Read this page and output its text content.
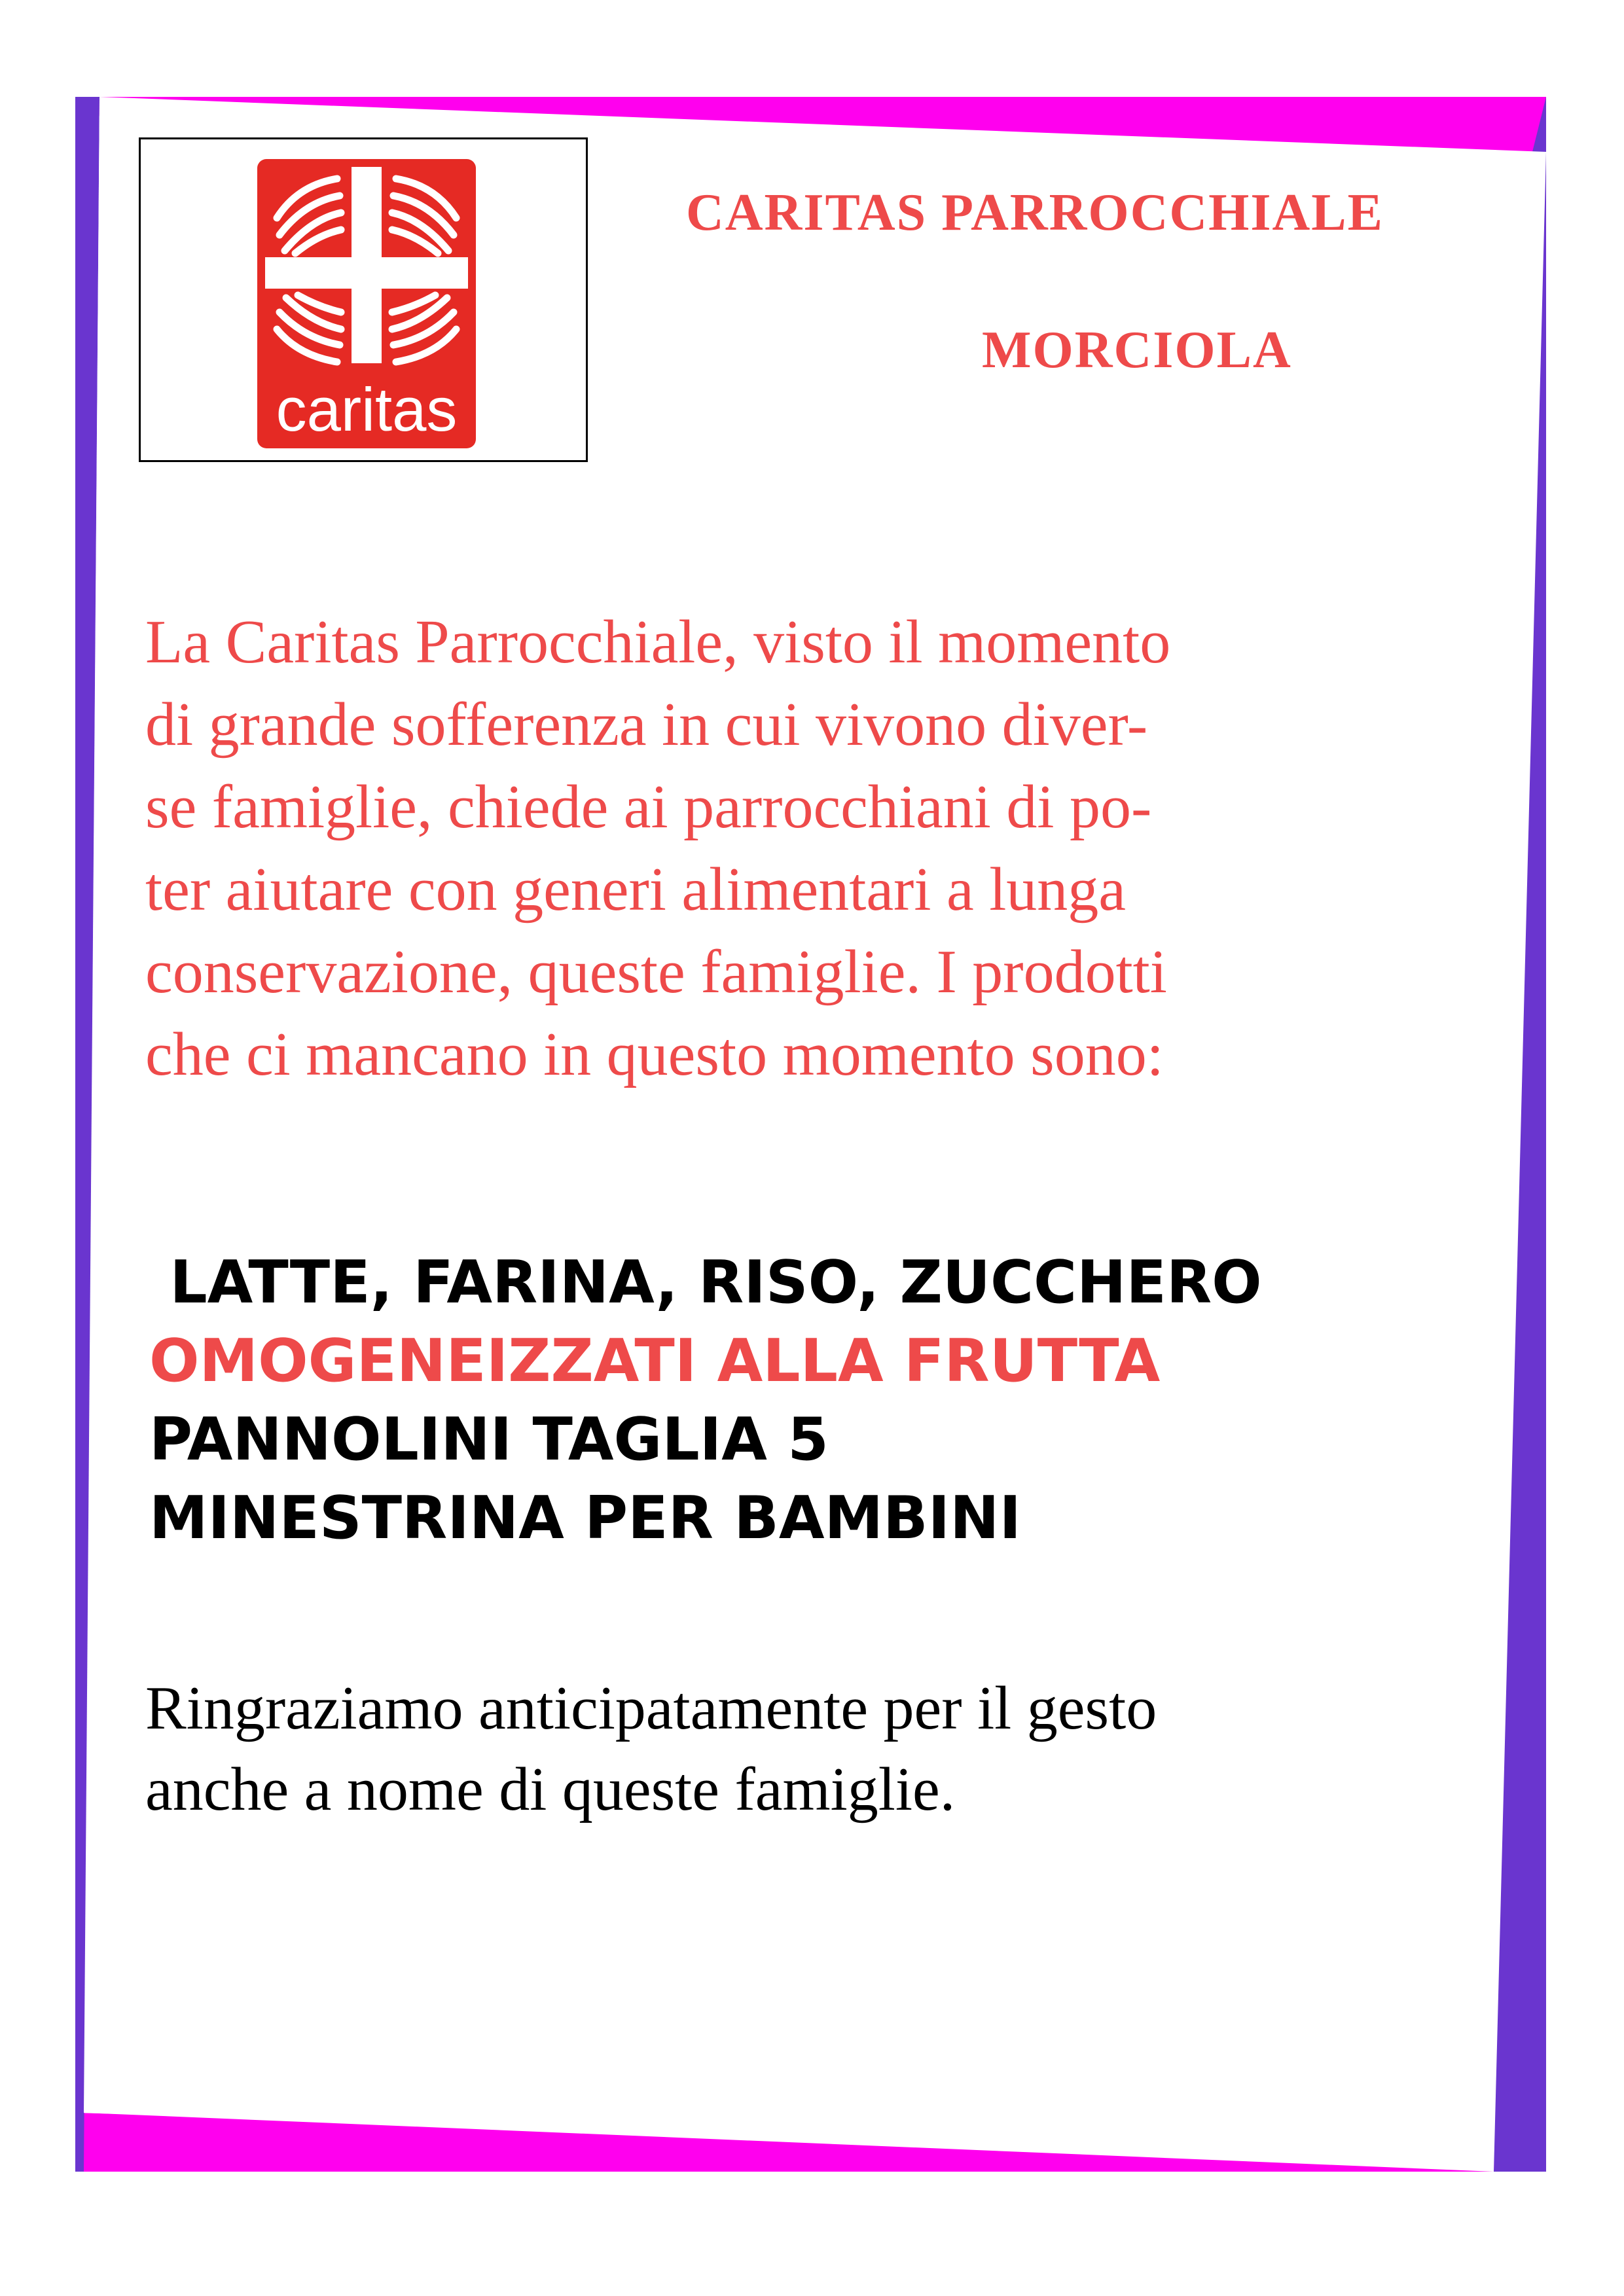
caritas
CARITAS PARROCCHIALE
MORCIOLA
La Caritas Parrocchiale, visto il momento
di grande sofferenza in cui vivono diver-
se famiglie, chiede ai parrocchiani di po-
ter aiutare con generi alimentari a lunga
conservazione, queste famiglie. I prodotti
che ci mancano in questo momento sono:
LATTE, FARINA, RISO, ZUCCHERO
OMOGENEIZZATI ALLA FRUTTA
PANNOLINI TAGLIA 5
MINESTRINA PER BAMBINI
Ringraziamo anticipatamente per il gesto
anche a nome di queste famiglie.
